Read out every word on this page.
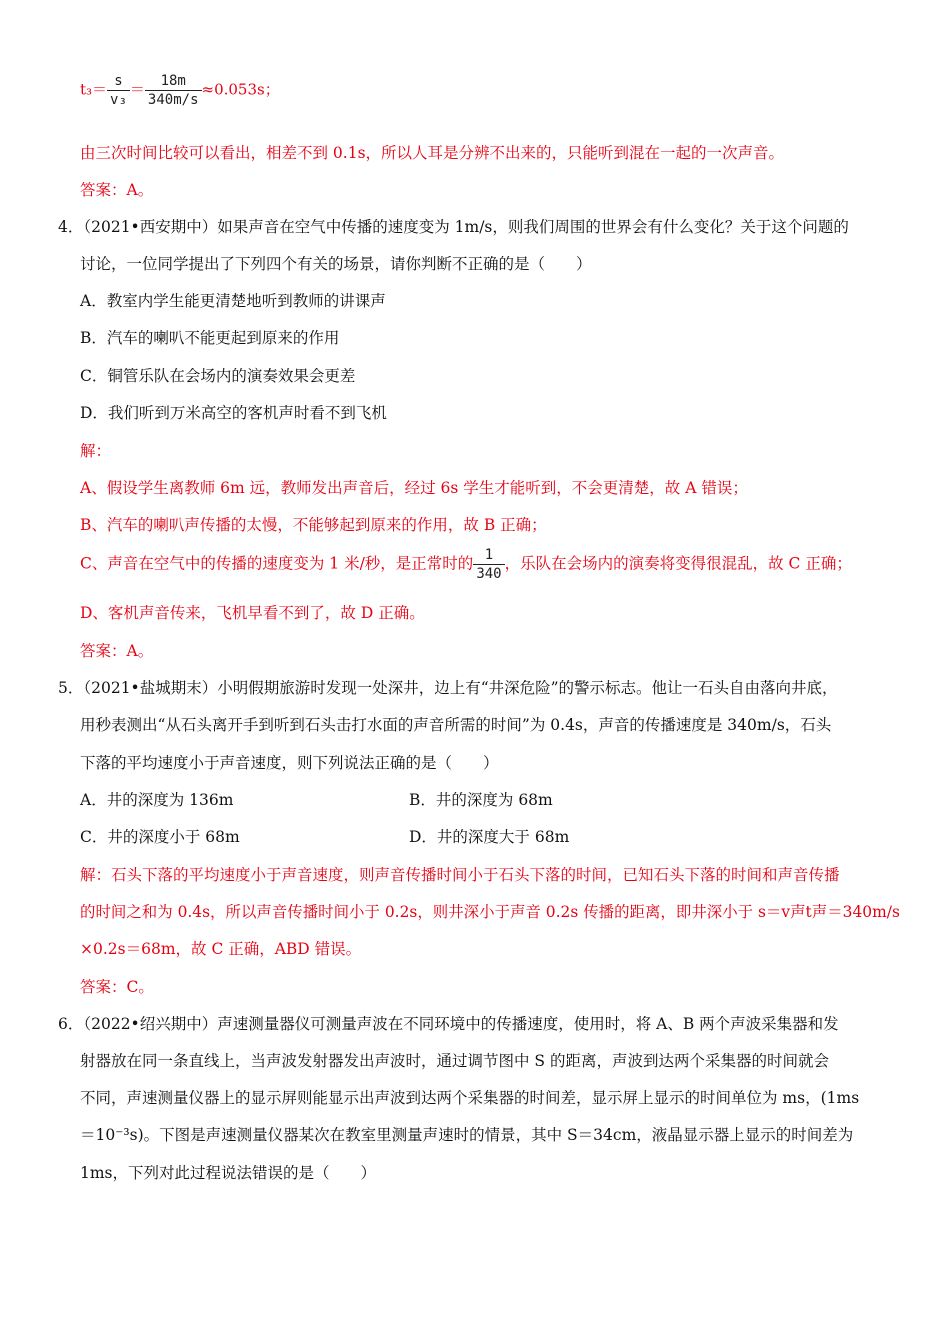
$t_3= \frac{s}{\text{v₃}} = \frac{18m}{340m/s} \approx 0.053s$；
由三次时间比较可以看出，相差不到 0.1s，所以人耳是分辨不出来的，只能听到混在一起的一次声音。
答案：A。
4．（2021•西安期中）如果声音在空气中传播的速度变为 1m/s，则我们周围的世界会有什么变化？关于这个问题的
讨论，一位同学提出了下列四个有关的场景，请你判断不正确的是（　　）
A．教室内学生能更清楚地听到教师的讲课声
B．汽车的喇叭不能更起到原来的作用
C．铜管乐队在会场内的演奏效果会更差
D．我们听到万米高空的客机声时看不到飞机
解：
A、假设学生离教师 6m 远，教师发出声音后，经过 6s 学生才能听到，不会更清楚，故 A 错误；
B、汽车的喇叭声传播的太慢，不能够起到原来的作用，故 B 正确；
C、声音在空气中的传播的速度变为 1 米/秒，是正常时的 $\frac{1}{340}$ ，乐队在会场内的演奏将变得很混乱，故 C 正确；
D、客机声音传来，飞机早看不到了，故 D 正确。
答案：A。
5．（2021•盐城期末）小明假期旅游时发现一处深井，边上有“井深危险”的警示标志。他让一石头自由落向井底，
用秒表测出“从石头离开手到听到石头击打水面的声音所需的时间”为 0.4s，声音的传播速度是 340m/s，石头
下落的平均速度小于声音速度，则下列说法正确的是（　　）
A．井的深度为 136m	B．井的深度为 68m
C．井的深度小于 68m	D．井的深度大于 68m
解：石头下落的平均速度小于声音速度，则声音传播时间小于石头下落的时间，已知石头下落的时间和声音传播
的时间之和为 0.4s，所以声音传播时间小于 0.2s，则井深小于声音 0.2s 传播的距离，即井深小于 s＝v声t声＝340m/s
×0.2s＝68m，故 C 正确，ABD 错误。
答案：C。
6．（2022•绍兴期中）声速测量器仪可测量声波在不同环境中的传播速度，使用时，将 A、B 两个声波采集器和发
射器放在同一条直线上，当声波发射器发出声波时，通过调节图中 S 的距离，声波到达两个采集器的时间就会
不同，声速测量仪器上的显示屏则能显示出声波到达两个采集器的时间差，显示屏上显示的时间单位为 ms，(1ms
＝10⁻³s)。下图是声速测量仪器某次在教室里测量声速时的情景，其中 S＝34cm，液晶显示器上显示的时间差为
1ms，下列对此过程说法错误的是（　　）
